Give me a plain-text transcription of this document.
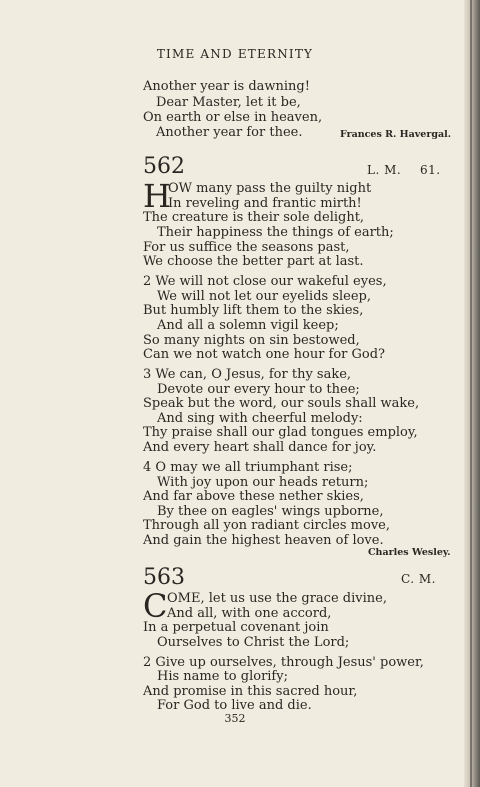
TIME AND ETERNITY
Another year is dawning!
Dear Master, let it be,
On earth or else in heaven,
Another year for thee.	Frances R. Havergal.
562	L. M. 61.
H
OW many pass the guilty night
In reveling and frantic mirth!
The creature is their sole delight,
Their happiness the things of earth;
For us suffice the seasons past,
We choose the better part at last.
2 We will not close our wakeful eyes,
We will not let our eyelids sleep,
But humbly lift them to the skies,
And all a solemn vigil keep;
So many nights on sin bestowed,
Can we not watch one hour for God?
3 We can, O Jesus, for thy sake,
Devote our every hour to thee;
Speak but the word, our souls shall wake,
And sing with cheerful melody:
Thy praise shall our glad tongues employ,
And every heart shall dance for joy.
4 O may we all triumphant rise;
With joy upon our heads return;
And far above these nether skies,
By thee on eagles' wings upborne,
Through all yon radiant circles move,
And gain the highest heaven of love.
Charles Wesley.
563	C. M.
C OME, let us use the grace divine,
And all, with one accord,
In a perpetual covenant join
Ourselves to Christ the Lord;
2 Give up ourselves, through Jesus' power,
His name to glorify;
And promise in this sacred hour,
For God to live and die.
352
